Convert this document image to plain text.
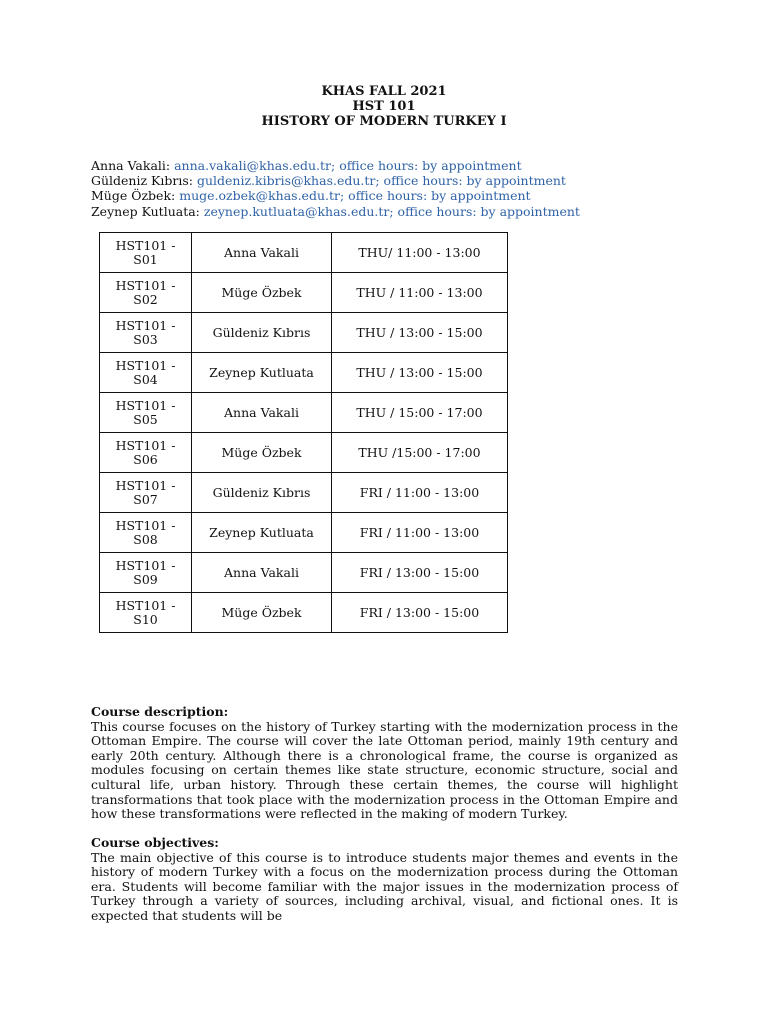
KHAS FALL 2021
HST 101
HISTORY OF MODERN TURKEY I
Anna Vakali: anna.vakali@khas.edu.tr; office hours: by appointment
Güldeniz Kıbrıs: guldeniz.kibris@khas.edu.tr; office hours: by appointment
Müge Özbek: muge.ozbek@khas.edu.tr; office hours: by appointment
Zeynep Kutluata: zeynep.kutluata@khas.edu.tr; office hours: by appointment
HST101 -
S01	Anna Vakali	THU/ 11:00 - 13:00
HST101 -
S02	Müge Özbek	THU / 11:00 - 13:00
HST101 -
S03	Güldeniz Kıbrıs	THU / 13:00 - 15:00
HST101 -
S04	Zeynep Kutluata	THU / 13:00 - 15:00
HST101 -
S05	Anna Vakali	THU / 15:00 - 17:00
HST101 -
S06	Müge Özbek	THU /15:00 - 17:00
HST101 -
S07	Güldeniz Kıbrıs	FRI / 11:00 - 13:00
HST101 -
S08	Zeynep Kutluata	FRI / 11:00 - 13:00
HST101 -
S09	Anna Vakali	FRI / 13:00 - 15:00
HST101 -
S10	Müge Özbek	FRI / 13:00 - 15:00
Course description:
This course focuses on the history of Turkey starting with the modernization process in the Ottoman Empire. The course will cover the late Ottoman period, mainly 19th century and early 20th century. Although there is a chronological frame, the course is organized as modules focusing on certain themes like state structure, economic structure, social and cultural life, urban history. Through these certain themes, the course will highlight transformations that took place with the modernization process in the Ottoman Empire and how these transformations were reflected in the making of modern Turkey.
Course objectives:
The main objective of this course is to introduce students major themes and events in the history of modern Turkey with a focus on the modernization process during the Ottoman era. Students will become familiar with the major issues in the modernization process of Turkey through a variety of sources, including archival, visual, and fictional ones. It is expected that students will be
